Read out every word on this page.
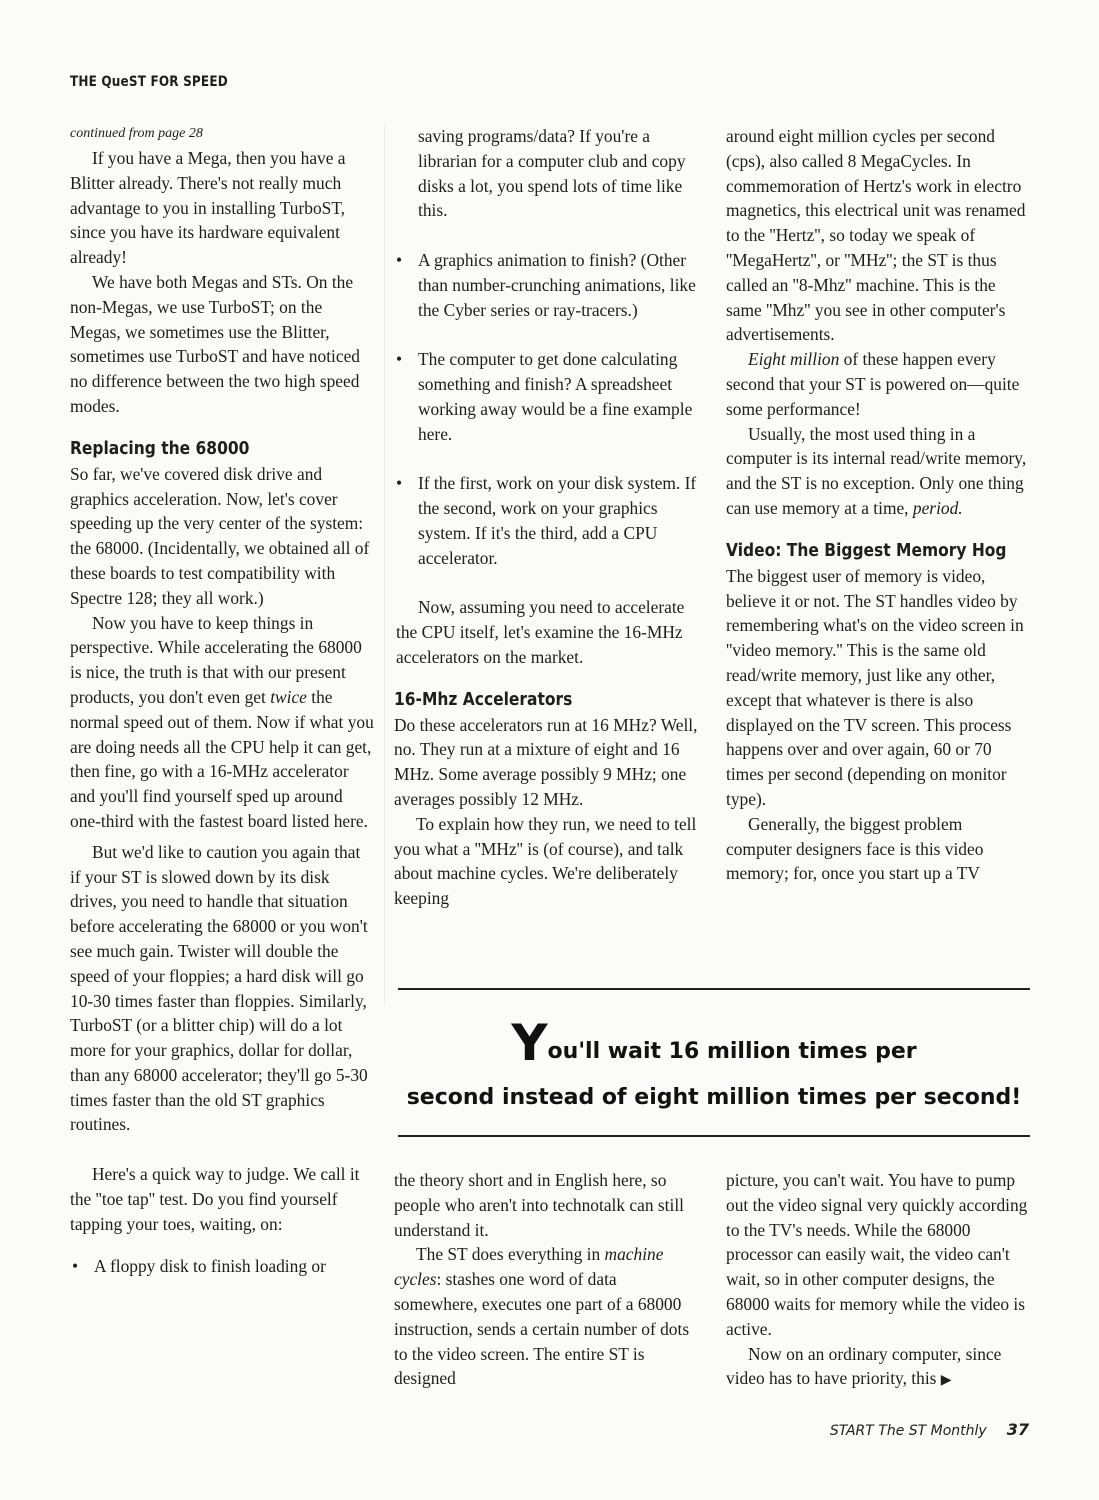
THE QueST FOR SPEED

continued from page 28

If you have a Mega, then you have a Blitter already. There's not really much advantage to you in installing TurboST, since you have its hardware equivalent already!

We have both Megas and STs. On the non-Megas, we use TurboST; on the Megas, we sometimes use the Blitter, sometimes use TurboST and have noticed no difference between the two high speed modes.

Replacing the 68000

So far, we've covered disk drive and graphics acceleration. Now, let's cover speeding up the very center of the system: the 68000. (Incidentally, we obtained all of these boards to test compatibility with Spectre 128; they all work.)

Now you have to keep things in perspective. While accelerating the 68000 is nice, the truth is that with our present products, you don't even get twice the normal speed out of them. Now if what you are doing needs all the CPU help it can get, then fine, go with a 16-MHz accelerator and you'll find yourself sped up around one-third with the fastest board listed here.

But we'd like to caution you again that if your ST is slowed down by its disk drives, you need to handle that situation before accelerating the 68000 or you won't see much gain. Twister will double the speed of your floppies; a hard disk will go 10-30 times faster than floppies. Similarly, TurboST (or a blitter chip) will do a lot more for your graphics, dollar for dollar, than any 68000 accelerator; they'll go 5-30 times faster than the old ST graphics routines.

Here's a quick way to judge. We call it the ''toe tap'' test. Do you find yourself tapping your toes, waiting, on:

• A floppy disk to finish loading or

saving programs/data? If you're a librarian for a computer club and copy disks a lot, you spend lots of time like this.

• A graphics animation to finish? (Other than number-crunching animations, like the Cyber series or ray-tracers.)
• The computer to get done calculating something and finish? A spreadsheet working away would be a fine example here.
• If the first, work on your disk system. If the second, work on your graphics system. If it's the third, add a CPU accelerator.

Now, assuming you need to accelerate the CPU itself, let's examine the 16-MHz accelerators on the market.

16-Mhz Accelerators

Do these accelerators run at 16 MHz? Well, no. They run at a mixture of eight and 16 MHz. Some average possibly 9 MHz; one averages possibly 12 MHz.

To explain how they run, we need to tell you what a ''MHz'' is (of course), and talk about machine cycles. We're deliberately keeping

around eight million cycles per second (cps), also called 8 MegaCycles. In commemoration of Hertz's work in electro magnetics, this electrical unit was renamed to the ''Hertz'', so today we speak of ''MegaHertz'', or ''MHz''; the ST is thus called an ''8-Mhz'' machine. This is the same ''Mhz'' you see in other computer's advertisements.

Eight million of these happen every second that your ST is powered on—quite some performance!

Usually, the most used thing in a computer is its internal read/write memory, and the ST is no exception. Only one thing can use memory at a time, period.

Video: The Biggest Memory Hog

The biggest user of memory is video, believe it or not. The ST handles video by remembering what's on the video screen in ''video memory.'' This is the same old read/write memory, just like any other, except that whatever is there is also displayed on the TV screen. This process happens over and over again, 60 or 70 times per second (depending on monitor type).

Generally, the biggest problem computer designers face is this video memory; for, once you start up a TV

You'll wait 16 million times per
second instead of eight million times per second!

the theory short and in English here, so people who aren't into technotalk can still understand it.

The ST does everything in machine cycles: stashes one word of data somewhere, executes one part of a 68000 instruction, sends a certain number of dots to the video screen. The entire ST is designed

picture, you can't wait. You have to pump out the video signal very quickly according to the TV's needs. While the 68000 processor can easily wait, the video can't wait, so in other computer designs, the 68000 waits for memory while the video is active.

Now on an ordinary computer, since video has to have priority, this ▶

START The ST Monthly 37
